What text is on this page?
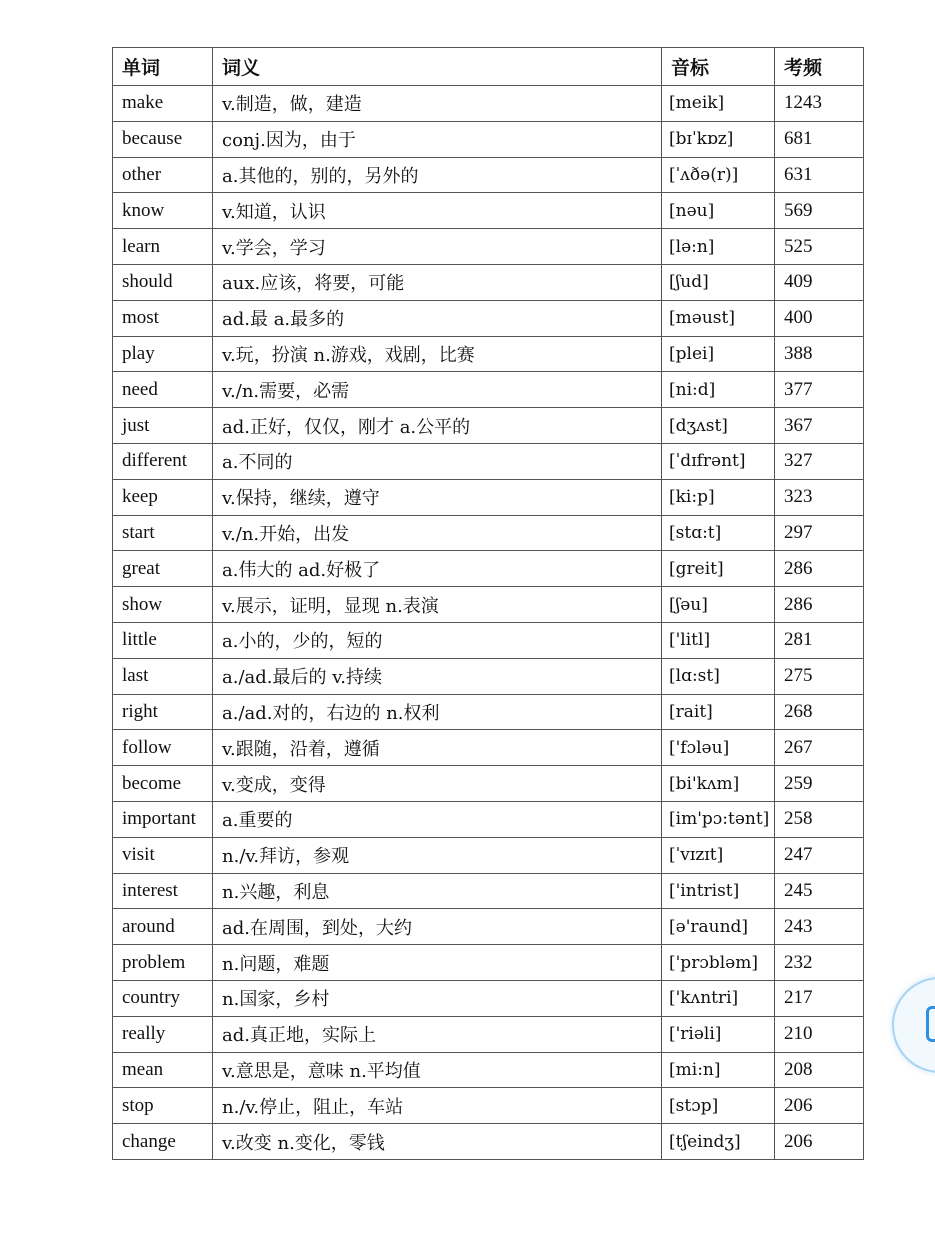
单词	词义	音标	考频
make	v.制造，做，建造	[meik]	1243
because	conj.因为，由于	[bɪˈkɒz]	681
other	a.其他的，别的，另外的	[ˈʌðə(r)]	631
know	v.知道，认识	[nəu]	569
learn	v.学会，学习	[lə:n]	525
should	aux.应该，将要，可能	[ʃud]	409
most	ad.最 a.最多的	[məust]	400
play	v.玩，扮演 n.游戏，戏剧，比赛	[plei]	388
need	v./n.需要，必需	[ni:d]	377
just	ad.正好，仅仅，刚才 a.公平的	[dʒʌst]	367
different	a.不同的	[ˈdɪfrənt]	327
keep	v.保持，继续，遵守	[ki:p]	323
start	v./n.开始，出发	[stɑ:t]	297
great	a.伟大的 ad.好极了	[greit]	286
show	v.展示，证明，显现 n.表演	[ʃəu]	286
little	a.小的，少的，短的	['litl]	281
last	a./ad.最后的 v.持续	[lɑ:st]	275
right	a./ad.对的，右边的 n.权利	[rait]	268
follow	v.跟随，沿着，遵循	['fɔləu]	267
become	v.变成，变得	[bi'kʌm]	259
important	a.重要的	[im'pɔ:tənt]	258
visit	n./v.拜访，参观	[ˈvɪzɪt]	247
interest	n.兴趣，利息	['intrist]	245
around	ad.在周围，到处，大约	[ə'raund]	243
problem	n.问题，难题	['prɔbləm]	232
country	n.国家，乡村	['kʌntri]	217
really	ad.真正地，实际上	['riəli]	210
mean	v.意思是，意味 n.平均值	[mi:n]	208
stop	n./v.停止，阻止，车站	[stɔp]	206
change	v.改变 n.变化，零钱	[tʃeindʒ]	206
